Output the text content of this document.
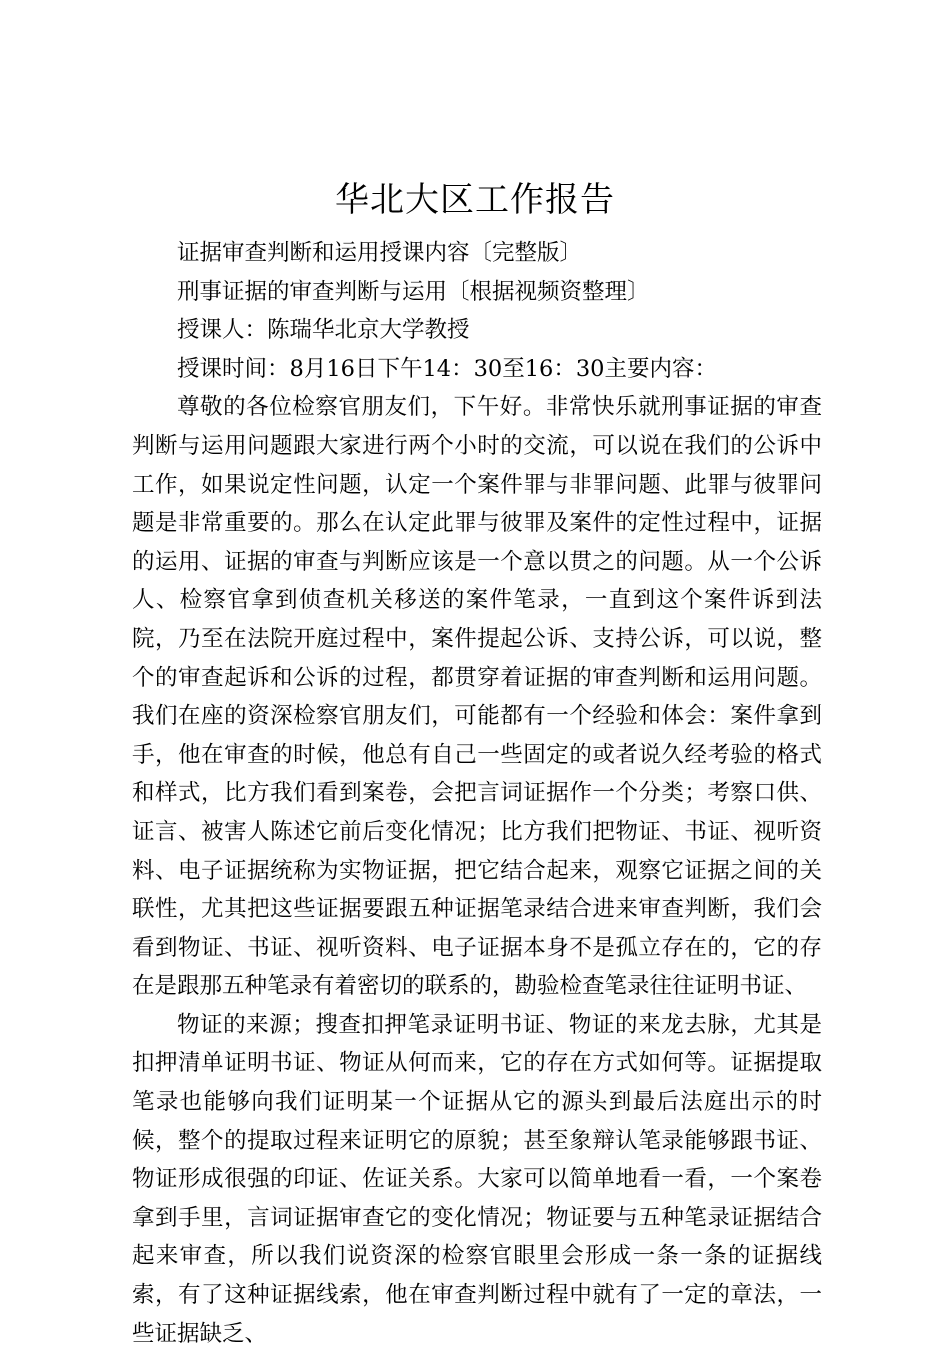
华北大区工作报告

证据审查判断和运用授课内容〔完整版〕

刑事证据的审查判断与运用〔根据视频资整理〕

授课人：陈瑞华北京大学教授

授课时间：8月16日下午14：30至16：30主要内容：

尊敬的各位检察官朋友们，下午好。非常快乐就刑事证据的审查判断与运用问题跟大家进行两个小时的交流，可以说在我们的公诉中工作，如果说定性问题，认定一个案件罪与非罪问题、此罪与彼罪问题是非常重要的。那么在认定此罪与彼罪及案件的定性过程中，证据的运用、证据的审查与判断应该是一个意以贯之的问题。从一个公诉人、检察官拿到侦查机关移送的案件笔录，一直到这个案件诉到法院，乃至在法院开庭过程中，案件提起公诉、支持公诉，可以说，整个的审查起诉和公诉的过程，都贯穿着证据的审查判断和运用问题。我们在座的资深检察官朋友们，可能都有一个经验和体会：案件拿到手，他在审查的时候，他总有自己一些固定的或者说久经考验的格式和样式，比方我们看到案卷，会把言词证据作一个分类；考察口供、证言、被害人陈述它前后变化情况；比方我们把物证、书证、视听资料、电子证据统称为实物证据，把它结合起来，观察它证据之间的关联性，尤其把这些证据要跟五种证据笔录结合进来审查判断，我们会看到物证、书证、视听资料、电子证据本身不是孤立存在的，它的存在是跟那五种笔录有着密切的联系的，勘验检查笔录往往证明书证、

物证的来源；搜查扣押笔录证明书证、物证的来龙去脉，尤其是扣押清单证明书证、物证从何而来，它的存在方式如何等。证据提取笔录也能够向我们证明某一个证据从它的源头到最后法庭出示的时候，整个的提取过程来证明它的原貌；甚至象辩认笔录能够跟书证、物证形成很强的印证、佐证关系。大家可以简单地看一看，一个案卷拿到手里，言词证据审查它的变化情况；物证要与五种笔录证据结合起来审查，所以我们说资深的检察官眼里会形成一条一条的证据线索，有了这种证据线索，他在审查判断过程中就有了一定的章法，一些证据缺乏、
